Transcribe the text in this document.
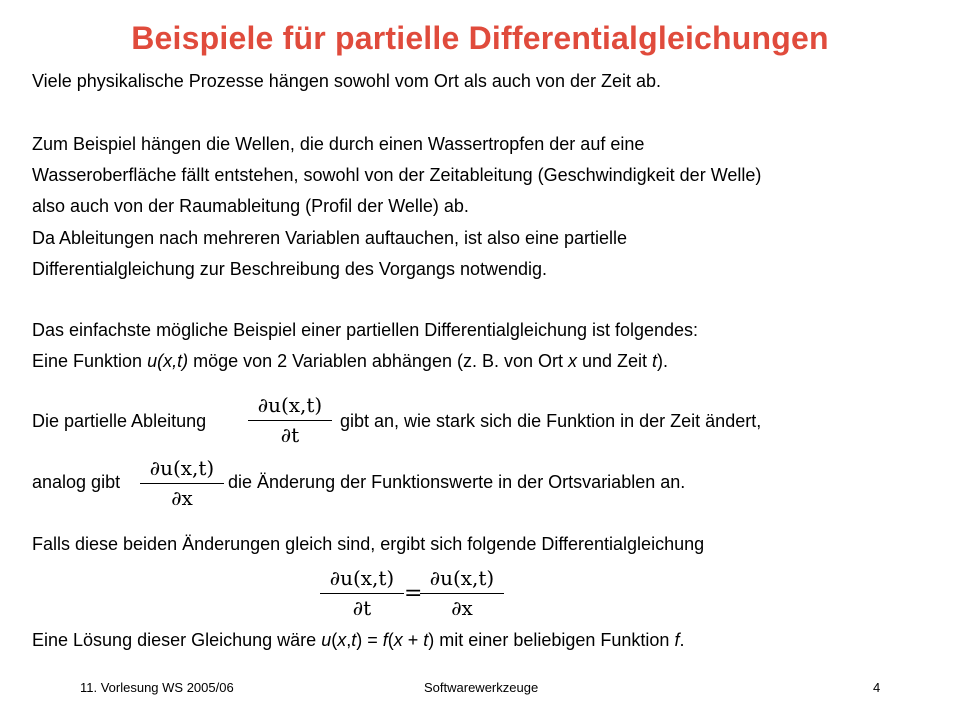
Beispiele für partielle Differentialgleichungen
Viele physikalische Prozesse hängen sowohl vom Ort als auch von der Zeit ab.
Zum Beispiel hängen die Wellen, die durch einen Wassertropfen der auf eine
Wasseroberfläche fällt entstehen, sowohl von der Zeitableitung (Geschwindigkeit der Welle)
also auch von der Raumableitung (Profil der Welle) ab.
Da Ableitungen nach mehreren Variablen auftauchen, ist also eine partielle
Differentialgleichung zur Beschreibung des Vorgangs notwendig.
Das einfachste mögliche Beispiel einer partiellen Differentialgleichung ist folgendes:
Eine Funktion u(x,t) möge von 2 Variablen abhängen (z. B. von Ort x und Zeit t).
Die partielle Ableitung
∂u(x,t)
∂t
gibt an, wie stark sich die Funktion in der Zeit ändert,
analog gibt
∂u(x,t)
∂x
die Änderung der Funktionswerte in der Ortsvariablen an.
Falls diese beiden Änderungen gleich sind, ergibt sich folgende Differentialgleichung
∂u(x,t)
∂t
=
∂u(x,t)
∂x
Eine Lösung dieser Gleichung wäre u(x,t) = f(x + t) mit einer beliebigen Funktion f.
11. Vorlesung WS 2005/06	Softwarewerkzeuge	4
